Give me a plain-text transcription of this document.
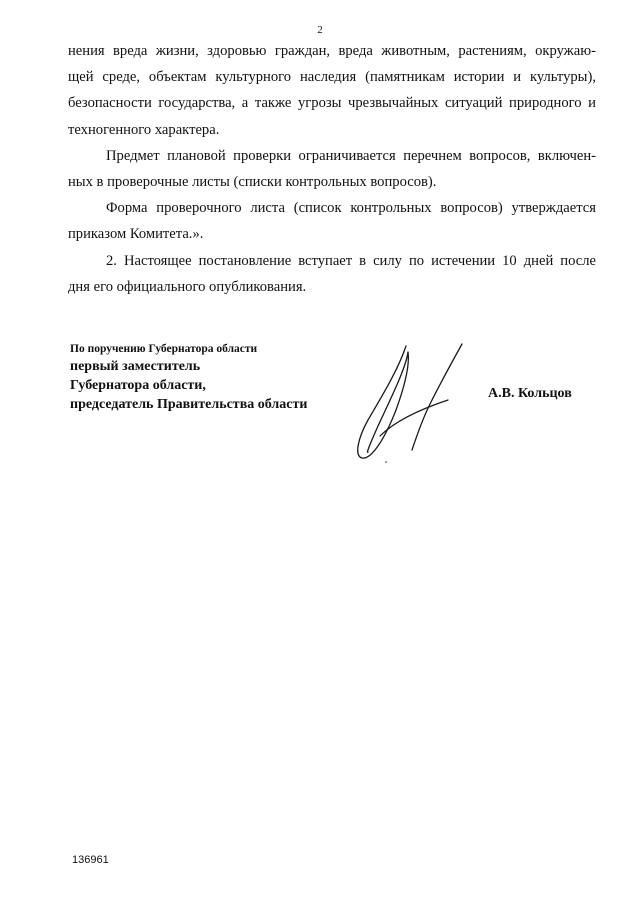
2
нения вреда жизни, здоровью граждан, вреда животным, растениям, окружаю-
щей среде, объектам культурного наследия (памятникам истории и культуры),
безопасности государства, а также угрозы чрезвычайных ситуаций природного и
техногенного характера.
Предмет плановой проверки ограничивается перечнем вопросов, включен-
ных в проверочные листы (списки контрольных вопросов).
Форма проверочного листа (список контрольных вопросов) утверждается
приказом Комитета.».
2. Настоящее постановление вступает в силу по истечении 10 дней после
дня его официального опубликования.
По поручению Губернатора области
первый заместитель
Губернатора области,
председатель Правительства области
А.В. Кольцов
136961
